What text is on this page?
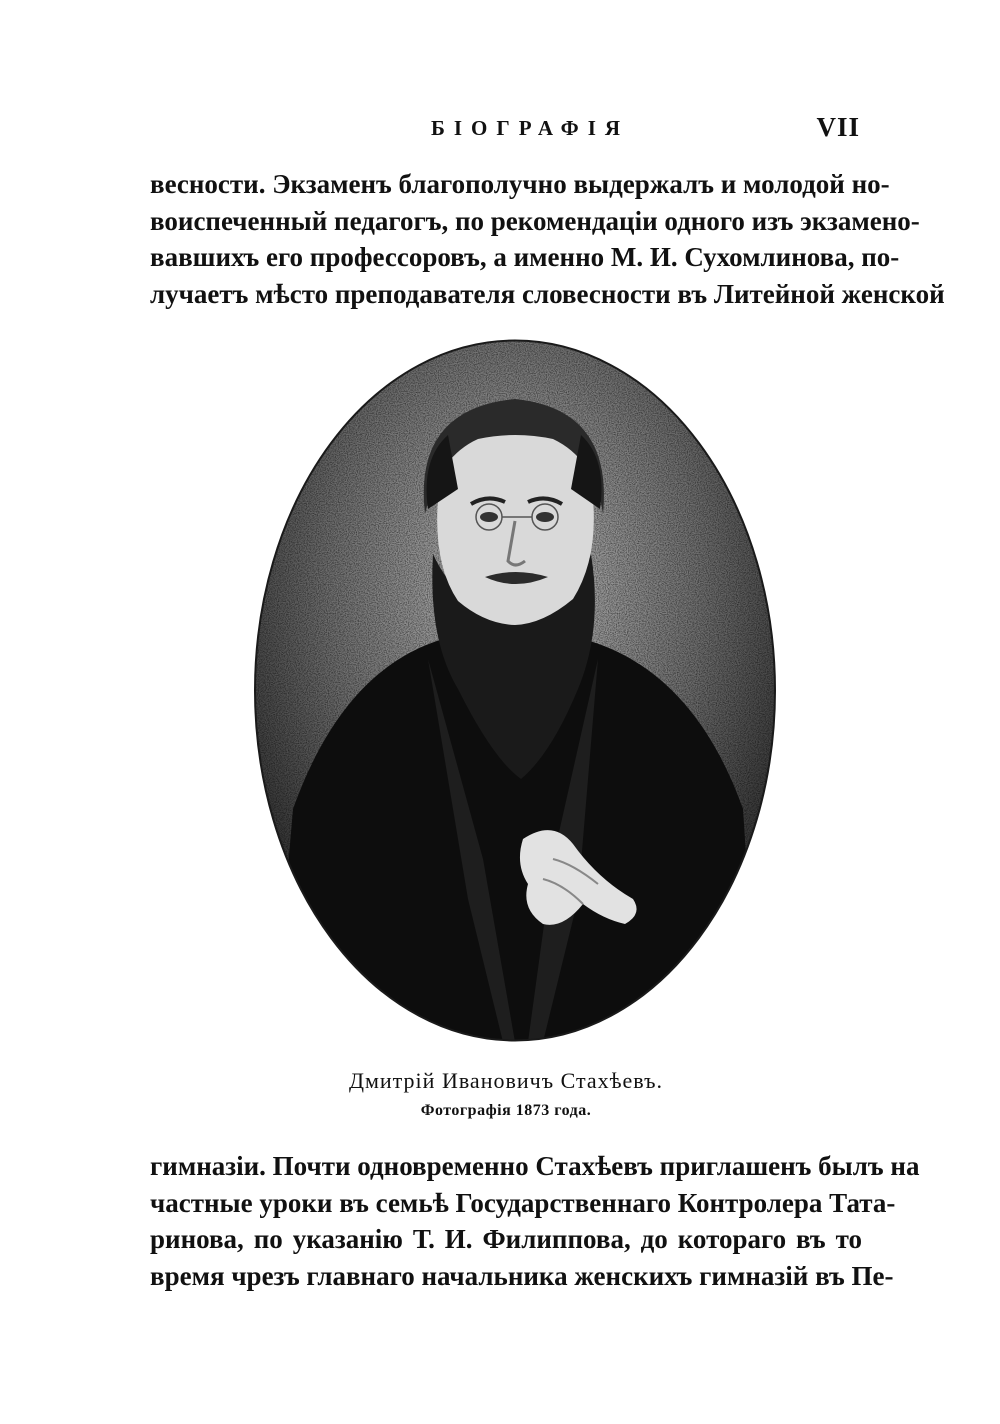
БІОГРАФІЯ	VII
весности. Экзаменъ благополучно выдержалъ и молодой но-
воиспеченный педагогъ, по рекомендаціи одного изъ экзамено-
вавшихъ его профессоровъ, а именно М. И. Сухомлинова, по-
лучаетъ мѣсто преподавателя словесности въ Литейной женской
Дмитрій Ивановичъ Стахѣевъ.
Фотографія 1873 года.
гимназіи. Почти одновременно Стахѣевъ приглашенъ былъ на
частные уроки въ семьѣ Государственнаго Контролера Тата-
ринова, по указанію Т. И. Филиппова, до котораго въ то
время чрезъ главнаго начальника женскихъ гимназій въ Пе-
